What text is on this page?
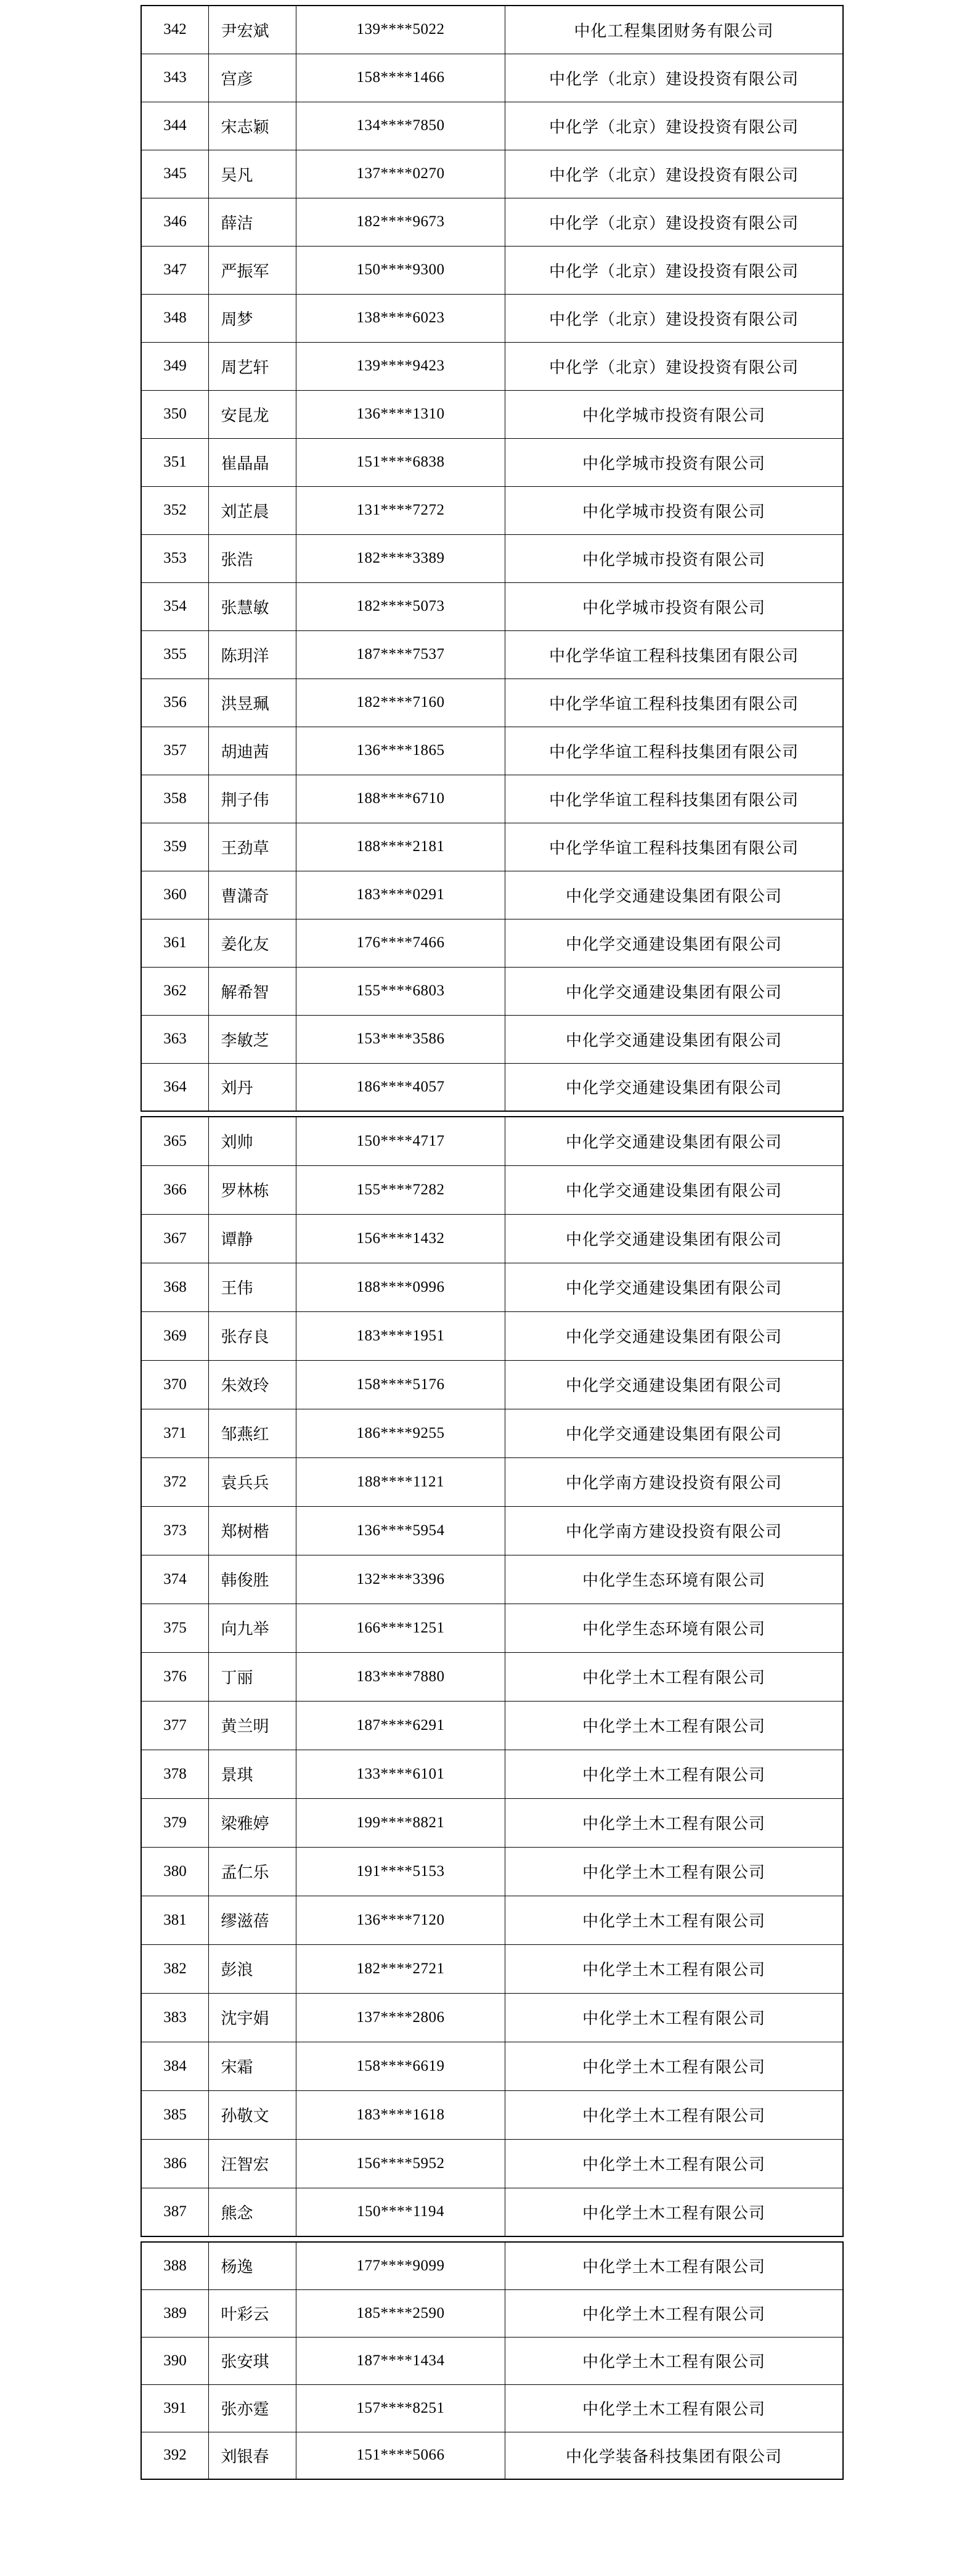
342	尹宏斌	139****5022	中化工程集团财务有限公司
343	宫彦	158****1466	中化学（北京）建设投资有限公司
344	宋志颖	134****7850	中化学（北京）建设投资有限公司
345	吴凡	137****0270	中化学（北京）建设投资有限公司
346	薛洁	182****9673	中化学（北京）建设投资有限公司
347	严振军	150****9300	中化学（北京）建设投资有限公司
348	周梦	138****6023	中化学（北京）建设投资有限公司
349	周艺轩	139****9423	中化学（北京）建设投资有限公司
350	安昆龙	136****1310	中化学城市投资有限公司
351	崔晶晶	151****6838	中化学城市投资有限公司
352	刘芷晨	131****7272	中化学城市投资有限公司
353	张浩	182****3389	中化学城市投资有限公司
354	张慧敏	182****5073	中化学城市投资有限公司
355	陈玥洋	187****7537	中化学华谊工程科技集团有限公司
356	洪昱珮	182****7160	中化学华谊工程科技集团有限公司
357	胡迪茜	136****1865	中化学华谊工程科技集团有限公司
358	荆子伟	188****6710	中化学华谊工程科技集团有限公司
359	王劲草	188****2181	中化学华谊工程科技集团有限公司
360	曹潇奇	183****0291	中化学交通建设集团有限公司
361	姜化友	176****7466	中化学交通建设集团有限公司
362	解希智	155****6803	中化学交通建设集团有限公司
363	李敏芝	153****3586	中化学交通建设集团有限公司
364	刘丹	186****4057	中化学交通建设集团有限公司
365	刘帅	150****4717	中化学交通建设集团有限公司
366	罗林栋	155****7282	中化学交通建设集团有限公司
367	谭静	156****1432	中化学交通建设集团有限公司
368	王伟	188****0996	中化学交通建设集团有限公司
369	张存良	183****1951	中化学交通建设集团有限公司
370	朱效玲	158****5176	中化学交通建设集团有限公司
371	邹燕红	186****9255	中化学交通建设集团有限公司
372	袁兵兵	188****1121	中化学南方建设投资有限公司
373	郑树楷	136****5954	中化学南方建设投资有限公司
374	韩俊胜	132****3396	中化学生态环境有限公司
375	向九举	166****1251	中化学生态环境有限公司
376	丁丽	183****7880	中化学土木工程有限公司
377	黄兰明	187****6291	中化学土木工程有限公司
378	景琪	133****6101	中化学土木工程有限公司
379	梁雅婷	199****8821	中化学土木工程有限公司
380	孟仁乐	191****5153	中化学土木工程有限公司
381	缪滋蓓	136****7120	中化学土木工程有限公司
382	彭浪	182****2721	中化学土木工程有限公司
383	沈宇娟	137****2806	中化学土木工程有限公司
384	宋霜	158****6619	中化学土木工程有限公司
385	孙敬文	183****1618	中化学土木工程有限公司
386	汪智宏	156****5952	中化学土木工程有限公司
387	熊念	150****1194	中化学土木工程有限公司
388	杨逸	177****9099	中化学土木工程有限公司
389	叶彩云	185****2590	中化学土木工程有限公司
390	张安琪	187****1434	中化学土木工程有限公司
391	张亦霆	157****8251	中化学土木工程有限公司
392	刘银春	151****5066	中化学装备科技集团有限公司
